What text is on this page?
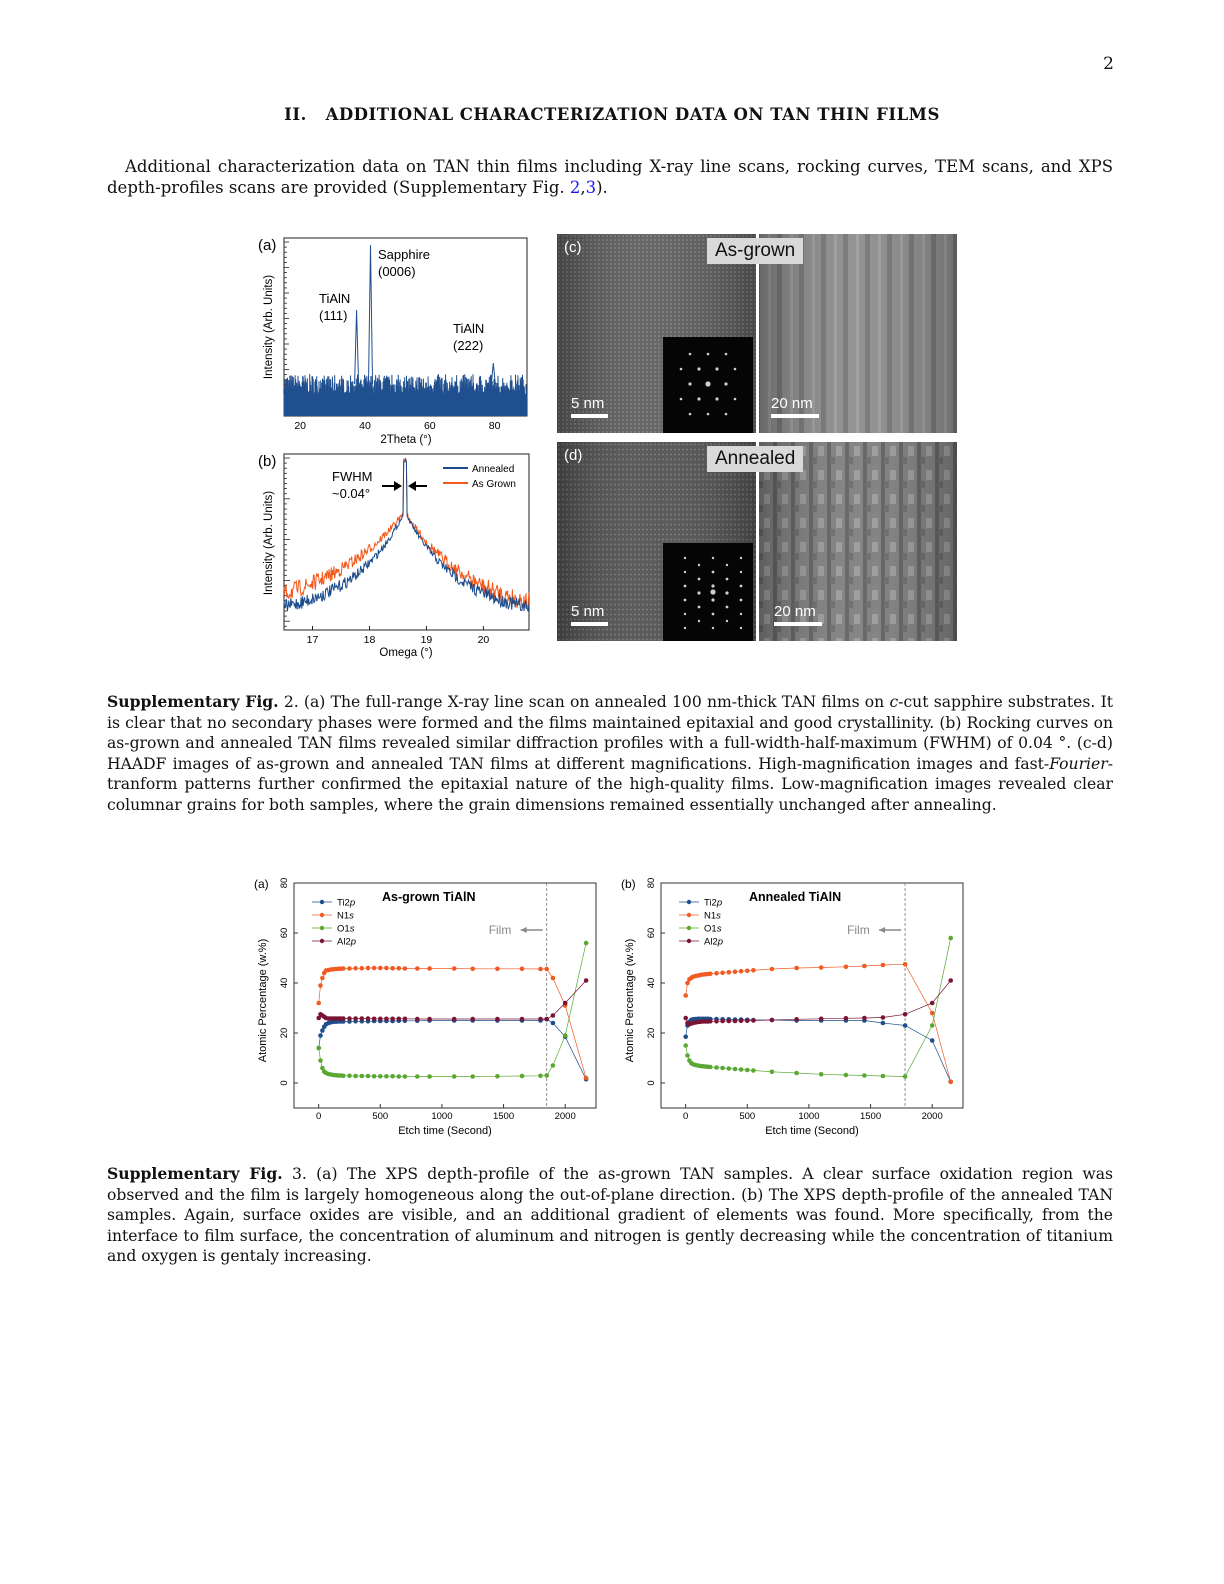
2
II. ADDITIONAL CHARACTERIZATION DATA ON TAN THIN FILMS
Additional characterization data on TAN thin films including X-ray line scans, rocking curves, TEM scans, and XPS depth-profiles scans are provided (Supplementary Fig. 2,3).
(a)
20	40	60	80
Sapphire
(0006)
TiAlN
(111)
TiAlN
(222)
2Theta (°)
Intensity (Arb. Units)
(b)
17	18	19	20
FWHM
~0.04°
Annealed
As Grown
Omega (°)
Intensity (Arb. Units)
(c)	As-grown
5 nm	20 nm
(d)	Annealed
5 nm	20 nm
Supplementary Fig. 2. (a) The full-range X-ray line scan on annealed 100 nm-thick TAN films on c-cut sapphire substrates. It is clear that no secondary phases were formed and the films maintained epitaxial and good crystallinity. (b) Rocking curves on as-grown and annealed TAN films revealed similar diffraction profiles with a full-width-half-maximum (FWHM) of 0.04 °. (c-d) HAADF images of as-grown and annealed TAN films at different magnifications. High-magnification images and fast-Fourier-tranform patterns further confirmed the epitaxial nature of the high-quality films. Low-magnification images revealed clear columnar grains for both samples, where the grain dimensions remained essentially unchanged after annealing.
(a)
0
20
40
60
80
0	500	1000	1500	2000
Film
As-grown TiAlN
Ti2p
N1s
O1s
Al2p
Etch time (Second)
Atomic Percentage (w.%)
(b)
0
20
40
60
80
0	500	1000	1500	2000
Film
Annealed TiAlN
Ti2p
N1s
O1s
Al2p
Etch time (Second)
Atomic Percentage (w.%)
Supplementary Fig. 3. (a) The XPS depth-profile of the as-grown TAN samples. A clear surface oxidation region was observed and the film is largely homogeneous along the out-of-plane direction. (b) The XPS depth-profile of the annealed TAN samples. Again, surface oxides are visible, and an additional gradient of elements was found. More specifically, from the interface to film surface, the concentration of aluminum and nitrogen is gently decreasing while the concentration of titanium and oxygen is gentaly increasing.
